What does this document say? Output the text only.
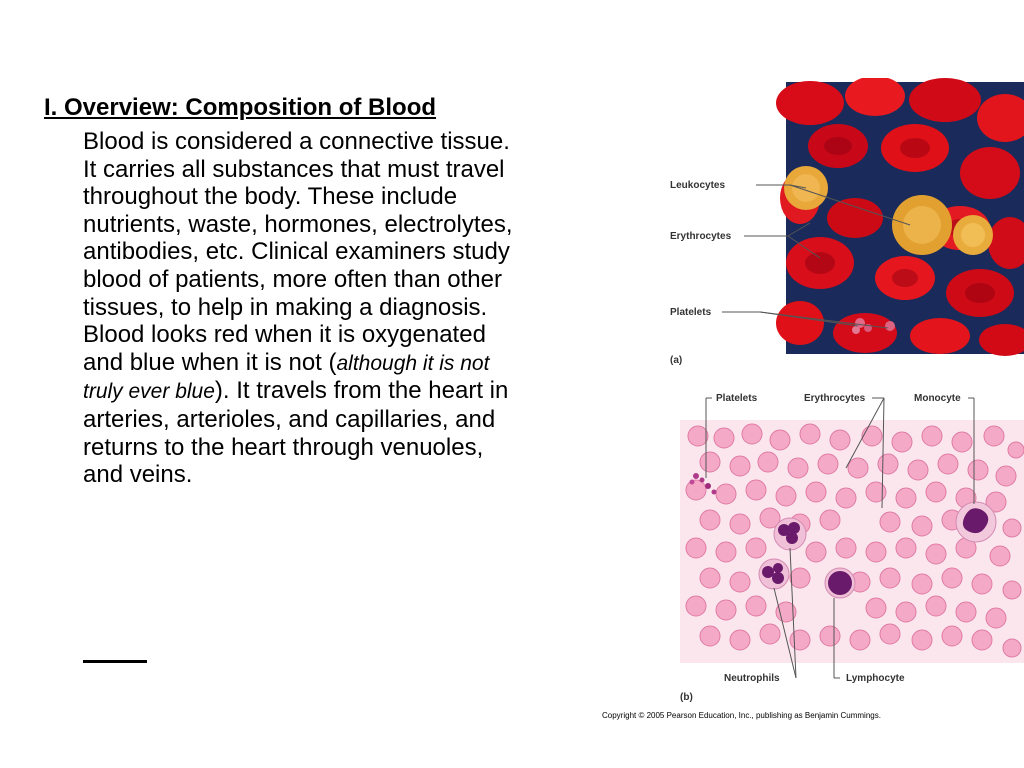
I. Overview: Composition of Blood

Blood is considered a connective tissue. It carries all substances that must travel throughout the body. These include nutrients, waste, hormones, electrolytes, antibodies, etc. Clinical examiners study blood of patients, more often than other tissues, to help in making a diagnosis. Blood looks red when it is oxygenated and blue when it is not (although it is not truly ever blue). It travels from the heart in arteries, arterioles, and capillaries, and returns to the heart through venuoles, and veins.

Leukocytes
Erythrocytes
Platelets
(a)
Platelets	Erythrocytes	Monocyte
Neutrophils	Lymphocyte
(b)
Copyright © 2005 Pearson Education, Inc., publishing as Benjamin Cummings.
